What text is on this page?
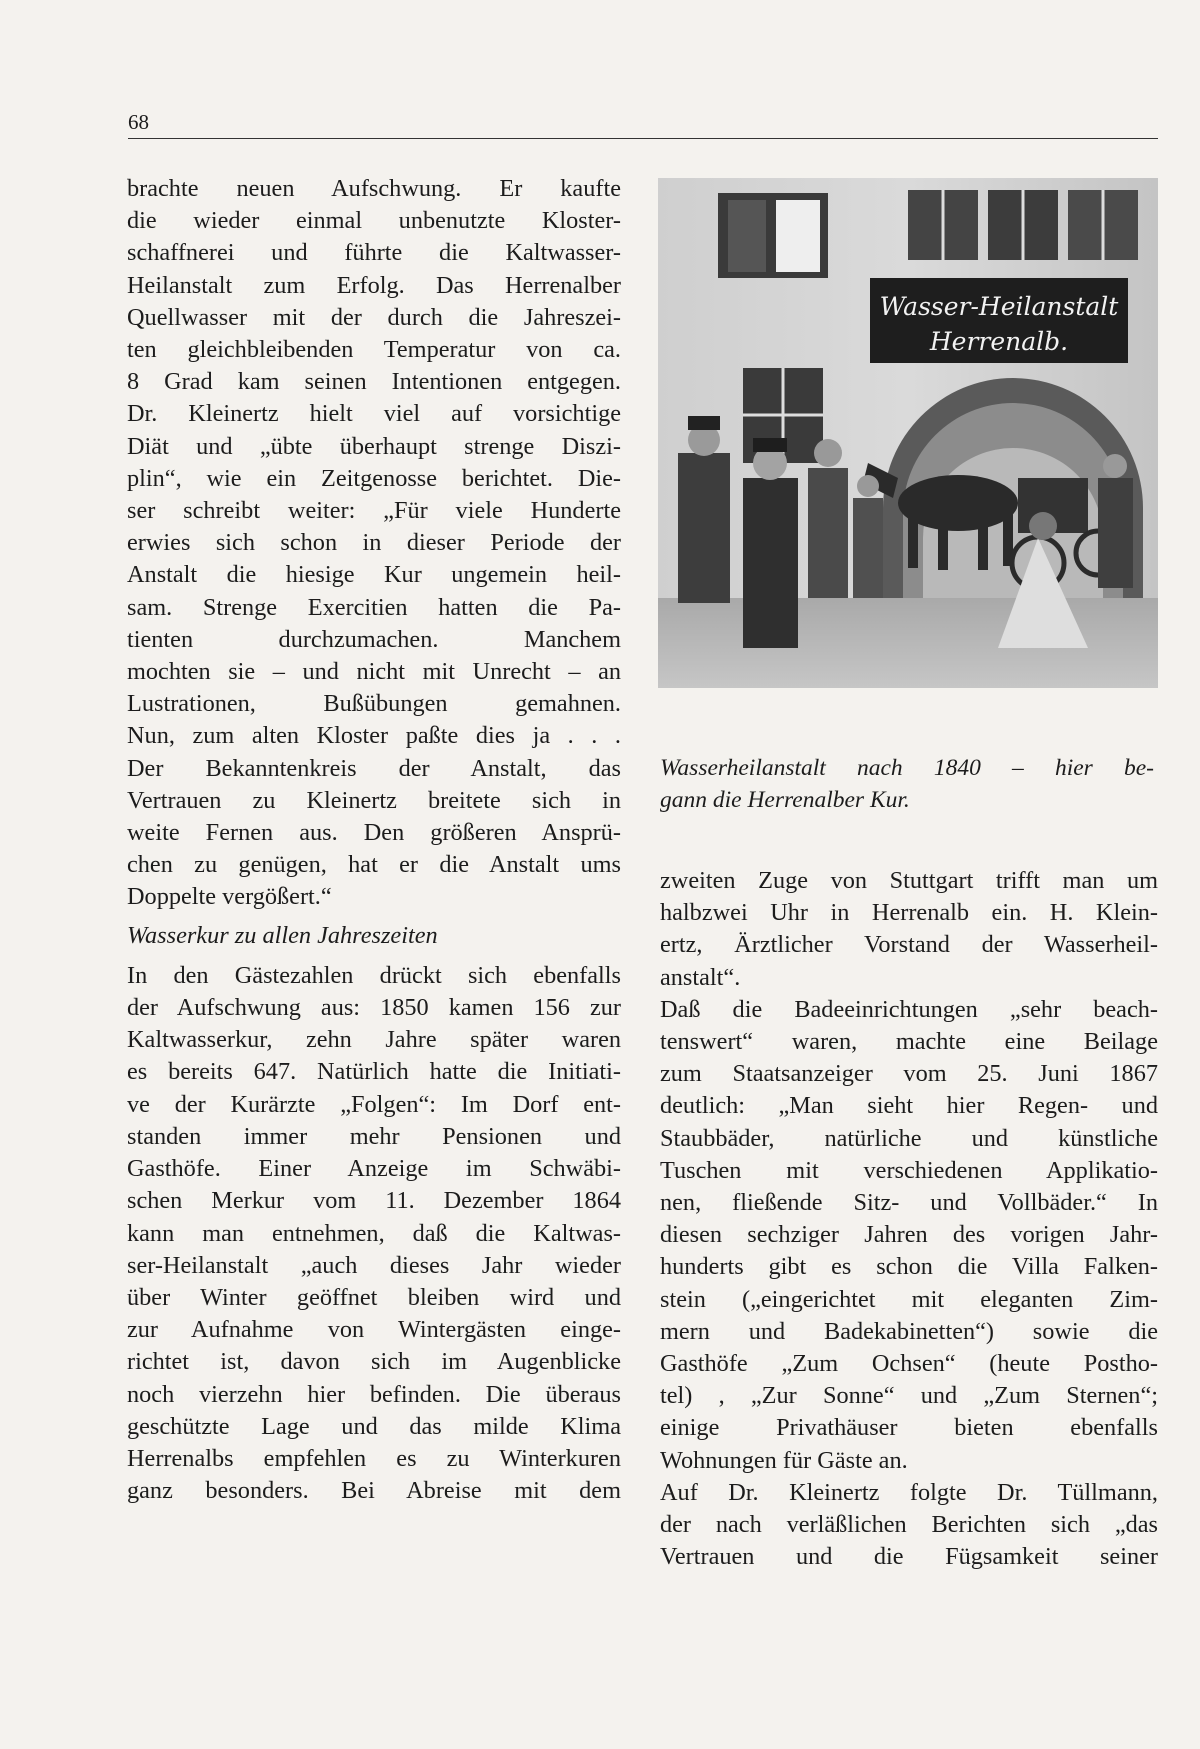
68

brachte neuen Aufschwung. Er kaufte

die wieder einmal unbenutzte Kloster-

schaffnerei und führte die Kaltwasser-

Heilanstalt zum Erfolg. Das Herrenalber

Quellwasser mit der durch die Jahreszei-

ten gleichbleibenden Temperatur von ca.

8 Grad kam seinen Intentionen entgegen.

Dr. Kleinertz hielt viel auf vorsichtige

Diät und „übte überhaupt strenge Diszi-

plin“, wie ein Zeitgenosse berichtet. Die-

ser schreibt weiter: „Für viele Hunderte

erwies sich schon in dieser Periode der

Anstalt die hiesige Kur ungemein heil-

sam. Strenge Exercitien hatten die Pa-

tienten durchzumachen. Manchem

mochten sie – und nicht mit Unrecht – an

Lustrationen, Bußübungen gemahnen.

Nun, zum alten Kloster paßte dies ja . . .

Der Bekanntenkreis der Anstalt, das

Vertrauen zu Kleinertz breitete sich in

weite Fernen aus. Den größeren Ansprü-

chen zu genügen, hat er die Anstalt ums

Doppelte vergößert.“

Wasserkur zu allen Jahreszeiten

In den Gästezahlen drückt sich ebenfalls

der Aufschwung aus: 1850 kamen 156 zur

Kaltwasserkur, zehn Jahre später waren

es bereits 647. Natürlich hatte die Initiati-

ve der Kurärzte „Folgen“: Im Dorf ent-

standen immer mehr Pensionen und

Gasthöfe. Einer Anzeige im Schwäbi-

schen Merkur vom 11. Dezember 1864

kann man entnehmen, daß die Kaltwas-

ser-Heilanstalt „auch dieses Jahr wieder

über Winter geöffnet bleiben wird und

zur Aufnahme von Wintergästen einge-

richtet ist, davon sich im Augenblicke

noch vierzehn hier befinden. Die überaus

geschützte Lage und das milde Klima

Herrenalbs empfehlen es zu Winterkuren

ganz besonders. Bei Abreise mit dem

Wasser-Heilanstalt
Herrenalb.
Wasserheilanstalt nach 1840 – hier be-
gann die Herrenalber Kur.

zweiten Zuge von Stuttgart trifft man um

halbzwei Uhr in Herrenalb ein. H. Klein-

ertz, Ärztlicher Vorstand der Wasserheil-

anstalt“.

Daß die Badeeinrichtungen „sehr beach-

tenswert“ waren, machte eine Beilage

zum Staatsanzeiger vom 25. Juni 1867

deutlich: „Man sieht hier Regen- und

Staubbäder, natürliche und künstliche

Tuschen mit verschiedenen Applikatio-

nen, fließende Sitz- und Vollbäder.“ In

diesen sechziger Jahren des vorigen Jahr-

hunderts gibt es schon die Villa Falken-

stein („eingerichtet mit eleganten Zim-

mern und Badekabinetten“) sowie die

Gasthöfe „Zum Ochsen“ (heute Postho-

tel) , „Zur Sonne“ und „Zum Sternen“;

einige Privathäuser bieten ebenfalls

Wohnungen für Gäste an.

Auf Dr. Kleinertz folgte Dr. Tüllmann,

der nach verläßlichen Berichten sich „das

Vertrauen und die Fügsamkeit seiner
